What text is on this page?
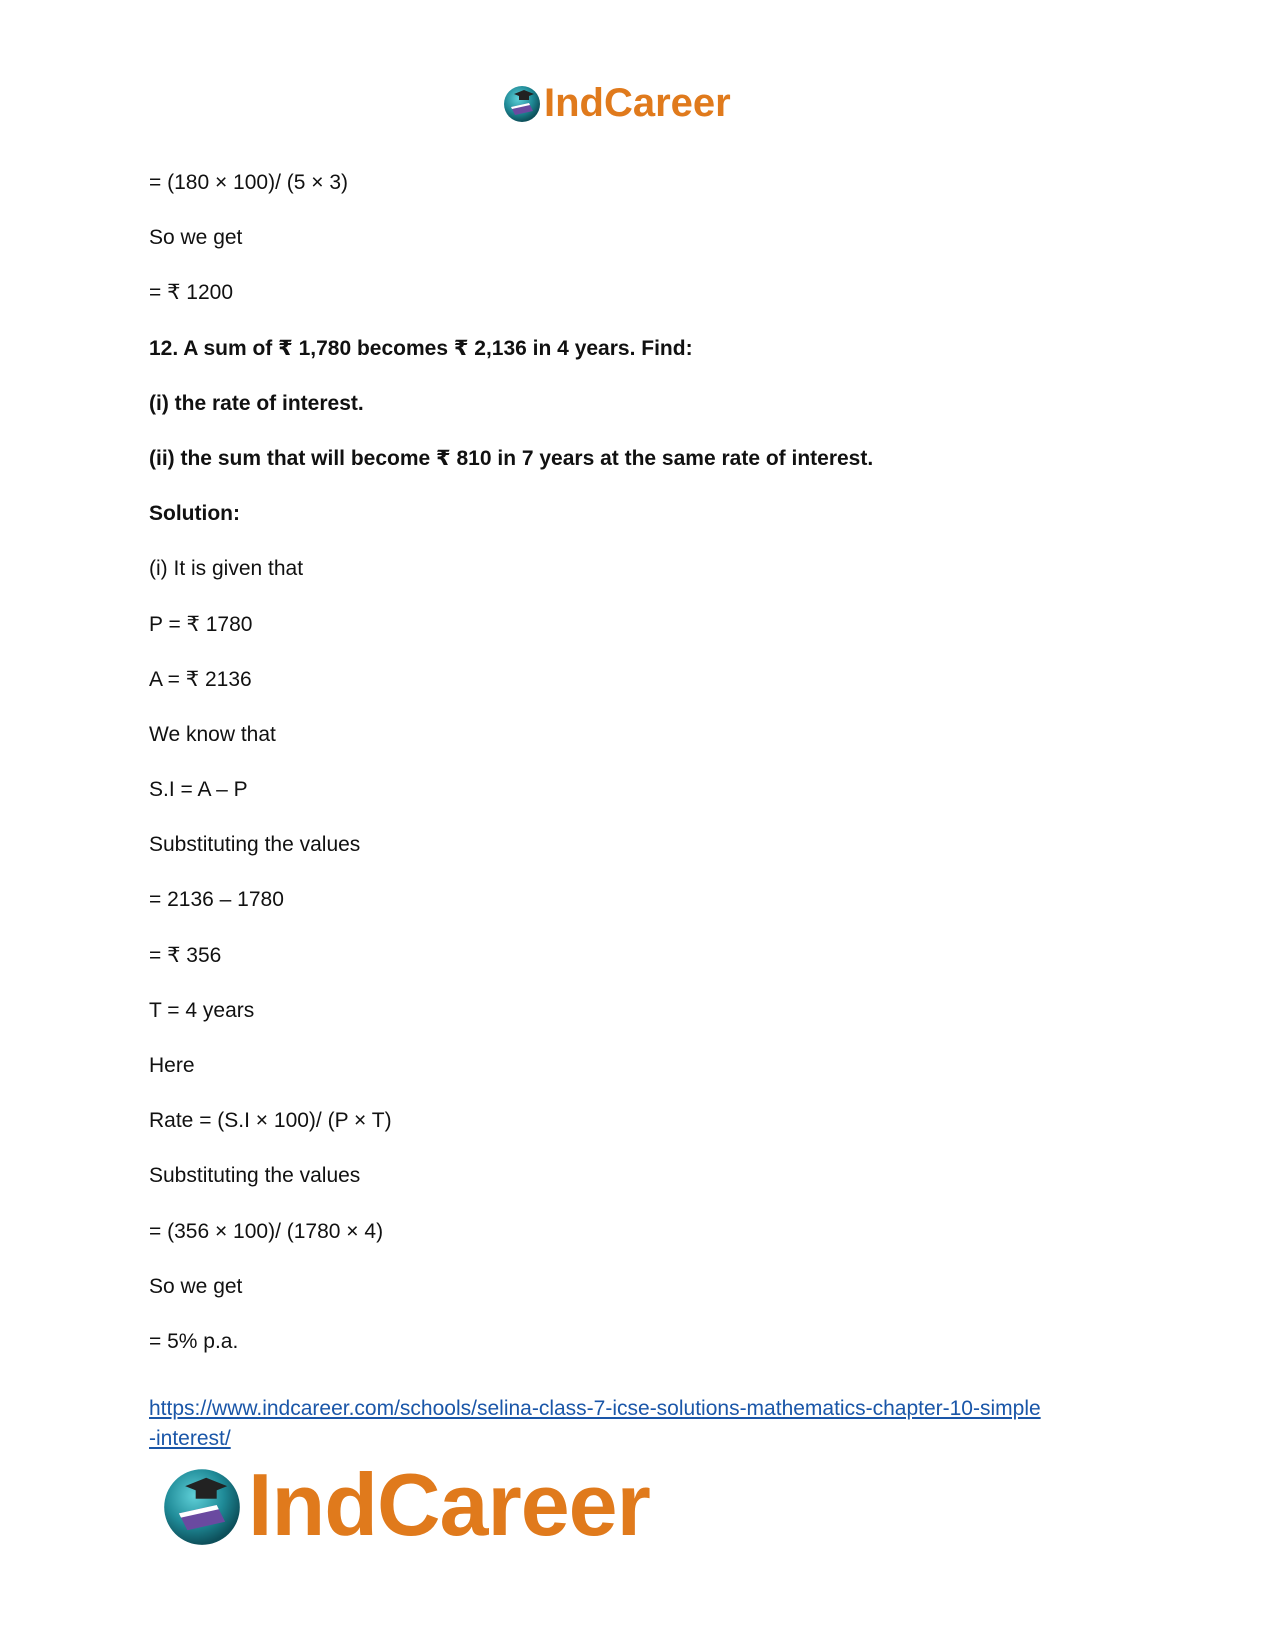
IndCareer
= (180 × 100)/ (5 × 3)
So we get
= ₹ 1200
12. A sum of ₹ 1,780 becomes ₹ 2,136 in 4 years. Find:
(i) the rate of interest.
(ii) the sum that will become ₹ 810 in 7 years at the same rate of interest.
Solution:
(i) It is given that
P = ₹ 1780
A = ₹ 2136
We know that
S.I = A – P
Substituting the values
= 2136 – 1780
= ₹ 356
T = 4 years
Here
Rate = (S.I × 100)/ (P × T)
Substituting the values
= (356 × 100)/ (1780 × 4)
So we get
= 5% p.a.
https://www.indcareer.com/schools/selina-class-7-icse-solutions-mathematics-chapter-10-simple
-interest/
IndCareer
